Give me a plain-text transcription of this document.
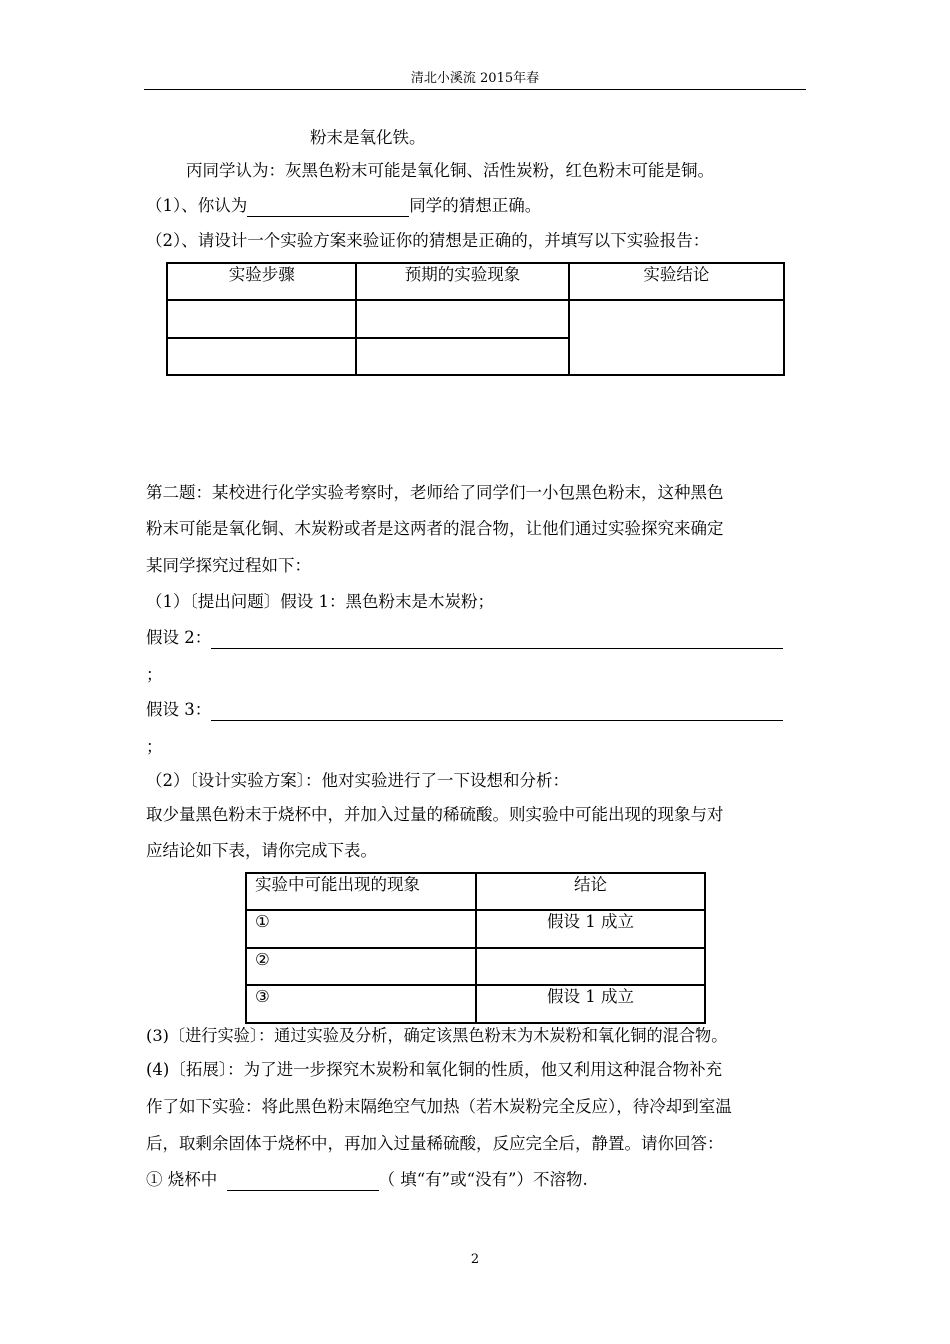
清北小溪流 2015年春
粉末是氧化铁。
丙同学认为：灰黑色粉末可能是氧化铜、活性炭粉，红色粉末可能是铜。
（1）、你认为	同学的猜想正确。
（2）、请设计一个实验方案来验证你的猜想是正确的，并填写以下实验报告：
实验步骤	预期的实验现象	实验结论

第二题：某校进行化学实验考察时，老师给了同学们一小包黑色粉末，这种黑色
粉末可能是氧化铜、木炭粉或者是这两者的混合物，让他们通过实验探究来确定
某同学探究过程如下：
（1）〔提出问题〕假设 1：黑色粉末是木炭粉；
假设 2：
；
假设 3：
；
（2）〔设计实验方案〕：他对实验进行了一下设想和分析：
取少量黑色粉末于烧杯中，并加入过量的稀硫酸。则实验中可能出现的现象与对
应结论如下表，请你完成下表。
实验中可能出现的现象	结论
①	假设 1 成立
②	
③	假设 1 成立
(3)〔进行实验〕：通过实验及分析，确定该黑色粉末为木炭粉和氧化铜的混合物。
(4)〔拓展〕：为了进一步探究木炭粉和氧化铜的性质，他又利用这种混合物补充
作了如下实验：将此黑色粉末隔绝空气加热（若木炭粉完全反应），待冷却到室温
后，取剩余固体于烧杯中，再加入过量稀硫酸，反应完全后，静置。请你回答：
① 烧杯中	（ 填“有”或“没有”）不溶物.
2
